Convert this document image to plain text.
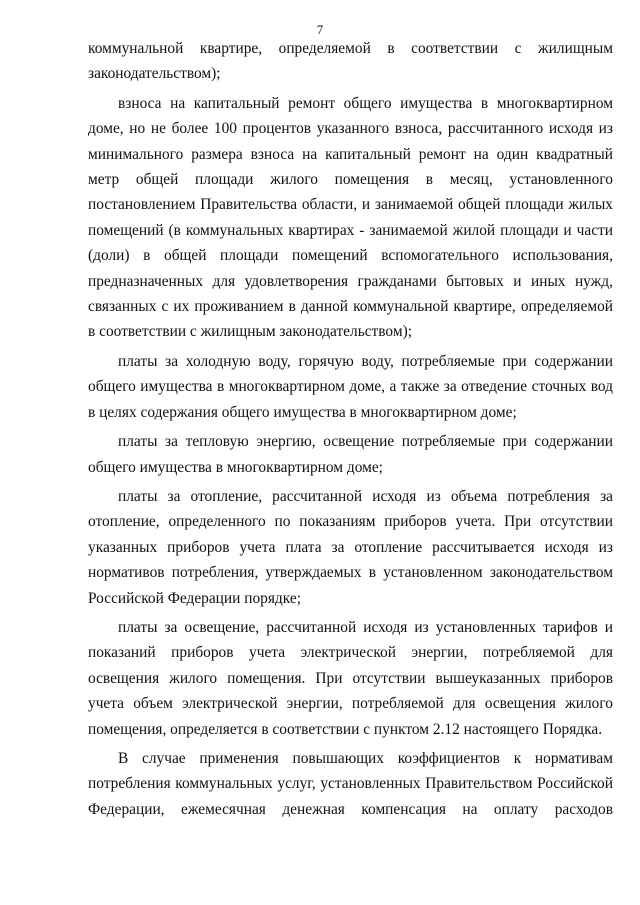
7

коммунальной квартире, определяемой в соответствии с жилищным законодательством);

взноса на капитальный ремонт общего имущества в многоквартирном доме, но не более 100 процентов указанного взноса, рассчитанного исходя из минимального размера взноса на капитальный ремонт на один квадратный метр общей площади жилого помещения в месяц, установленного постановлением Правительства области, и занимаемой общей площади жилых помещений (в коммунальных квартирах - занимаемой жилой площади и части (доли) в общей площади помещений вспомогательного использования, предназначенных для удовлетворения гражданами бытовых и иных нужд, связанных с их проживанием в данной коммунальной квартире, определяемой в соответствии с жилищным законодательством);

платы за холодную воду, горячую воду, потребляемые при содержании общего имущества в многоквартирном доме, а также за отведение сточных вод в целях содержания общего имущества в многоквартирном доме;

платы за тепловую энергию, освещение потребляемые при содержании общего имущества в многоквартирном доме;

платы за отопление, рассчитанной исходя из объема потребления за отопление, определенного по показаниям приборов учета. При отсутствии указанных приборов учета плата за отопление рассчитывается исходя из нормативов потребления, утверждаемых в установленном законодательством Российской Федерации порядке;

платы за освещение, рассчитанной исходя из установленных тарифов и показаний приборов учета электрической энергии, потребляемой для освещения жилого помещения. При отсутствии вышеуказанных приборов учета объем электрической энергии, потребляемой для освещения жилого помещения, определяется в соответствии с пунктом 2.12 настоящего Порядка.

В случае применения повышающих коэффициентов к нормативам потребления коммунальных услуг, установленных Правительством Российской Федерации, ежемесячная денежная компенсация на оплату расходов
